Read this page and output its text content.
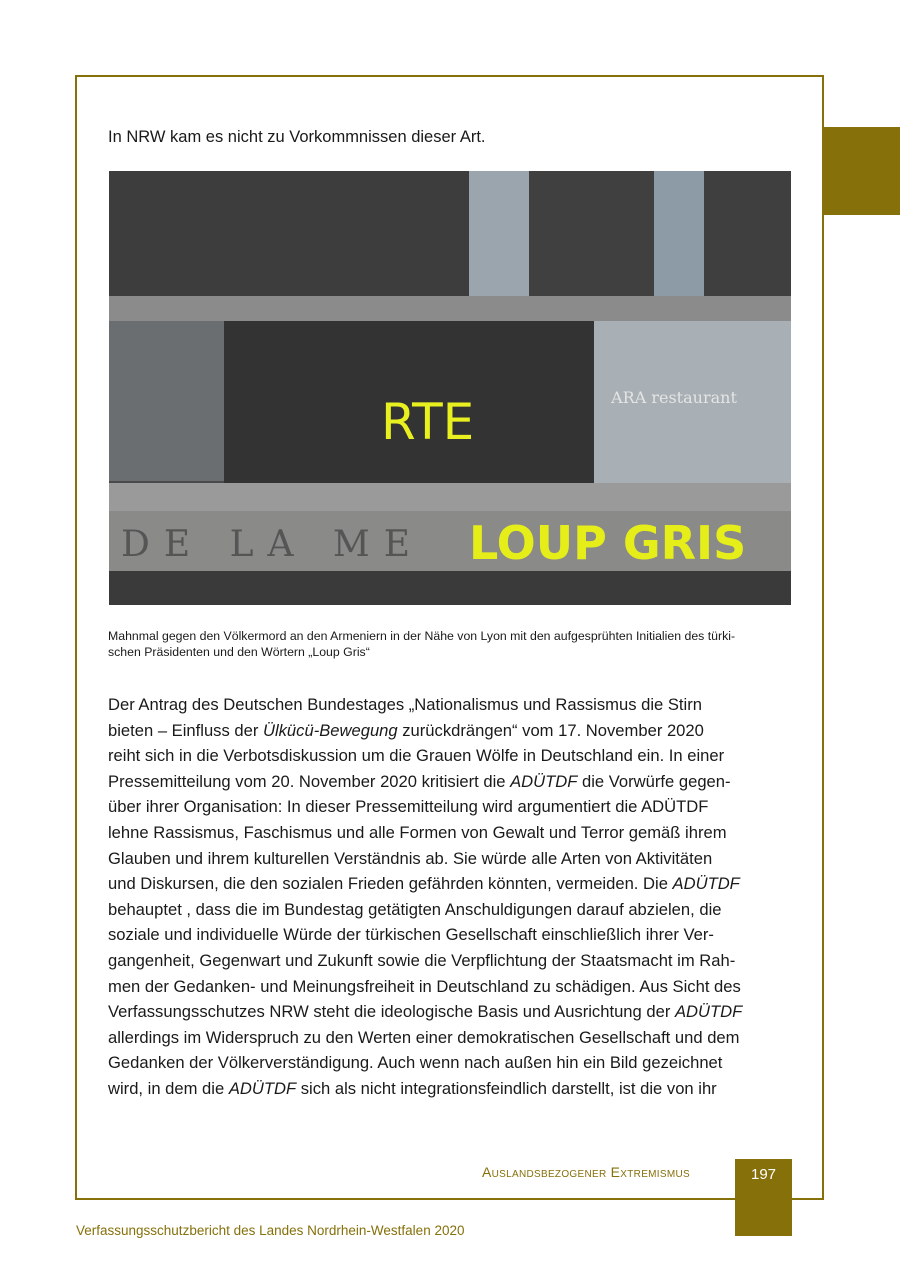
In NRW kam es nicht zu Vorkommnissen dieser Art.
ARA restaurant
DE LA ME
RTE
LOUP GRIS
Mahnmal gegen den Völkermord an den Armeniern in der Nähe von Lyon mit den aufgesprühten Initialien des türki-
schen Präsidenten und den Wörtern „Loup Gris“
Der Antrag des Deutschen Bundestages „Nationalismus und Rassismus die Stirn
bieten – Einfluss der Ülkücü-Bewegung zurückdrängen“ vom 17. November 2020
reiht sich in die Verbotsdiskussion um die Grauen Wölfe in Deutschland ein. In einer
Pressemitteilung vom 20. November 2020 kritisiert die ADÜTDF die Vorwürfe gegen-
über ihrer Organisation: In dieser Pressemitteilung wird argumentiert die ADÜTDF
lehne Rassismus, Faschismus und alle Formen von Gewalt und Terror gemäß ihrem
Glauben und ihrem kulturellen Verständnis ab. Sie würde alle Arten von Aktivitäten
und Diskursen, die den sozialen Frieden gefährden könnten, vermeiden. Die ADÜTDF
behauptet , dass die im Bundestag getätigten Anschuldigungen darauf abzielen, die
soziale und individuelle Würde der türkischen Gesellschaft einschließlich ihrer Ver-
gangenheit, Gegenwart und Zukunft sowie die Verpflichtung der Staatsmacht im Rah-
men der Gedanken- und Meinungsfreiheit in Deutschland zu schädigen. Aus Sicht des
Verfassungsschutzes NRW steht die ideologische Basis und Ausrichtung der ADÜTDF
allerdings im Widerspruch zu den Werten einer demokratischen Gesellschaft und dem
Gedanken der Völkerverständigung. Auch wenn nach außen hin ein Bild gezeichnet
wird, in dem die ADÜTDF sich als nicht integrationsfeindlich darstellt, ist die von ihr
Auslandsbezogener Extremismus	197
Verfassungsschutzbericht des Landes Nordrhein-Westfalen 2020
